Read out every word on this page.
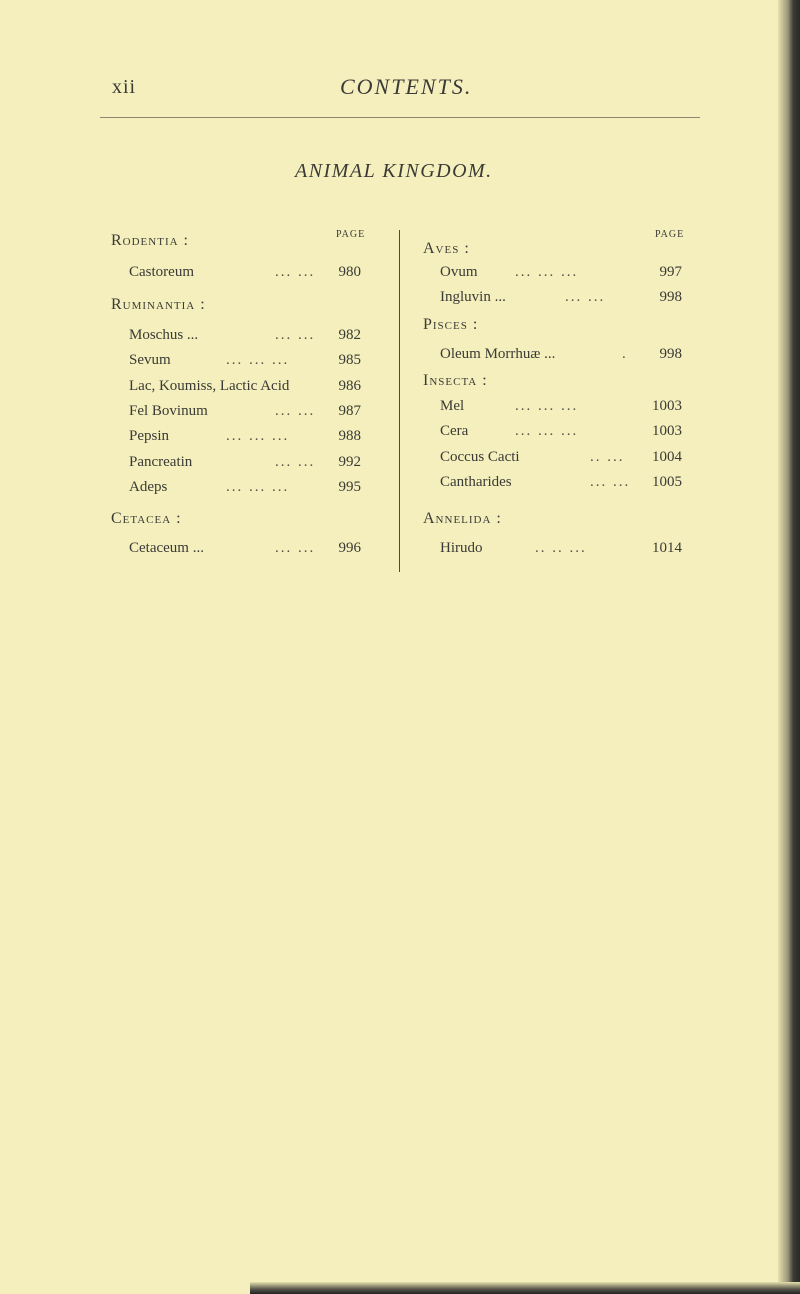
xii	CONTENTS.
ANIMAL KINGDOM.
PAGE
Rodentia :
Castoreum	... ...	980
Ruminantia :
Moschus ...	... ...	982
Sevum	... ... ...	985
Lac, Koumiss, Lactic Acid	986
Fel Bovinum	... ...	987
Pepsin	... ... ...	988
Pancreatin	... ...	992
Adeps	... ... ...	995
Cetacea :
Cetaceum ...	... ...	996
PAGE
Aves :
Ovum	... ... ...	997
Ingluvin ...	... ...	998
Pisces :
Oleum Morrhuæ ...	.	998
Insecta :
Mel	... ... ...	1003
Cera	... ... ...	1003
Coccus Cacti	.. ...	1004
Cantharides	... ...	1005
Annelida :
Hirudo	.. .. ...	1014
